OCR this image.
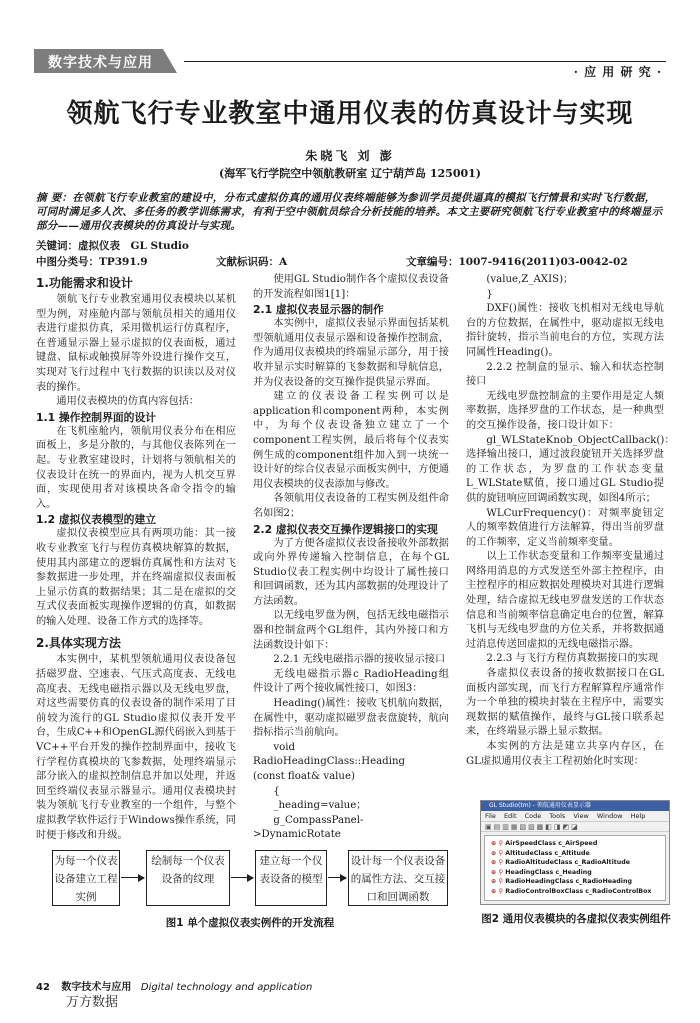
数字技术与应用
· 应 用 研 究 ·
领航飞行专业教室中通用仪表的仿真设计与实现
朱晓飞 刘 澎
(海军飞行学院空中领航教研室 辽宁葫芦岛 125001)
摘 要：在领航飞行专业教室的建设中，分布式虚拟仿真的通用仪表终端能够为参训学员提供逼真的模拟飞行情景和实时飞行数据，可同时满足多人次、多任务的教学训练需求，有利于空中领航员综合分析技能的培养。本文主要研究领航飞行专业教室中的终端显示部分——通用仪表模块的仿真设计与实现。
关键词：虚拟仪表　GL Studio
中图分类号：TP391.9	文献标识码：A	文章编号：1007-9416(2011)03-0042-02
1.功能需求和设计

领航飞行专业教室通用仪表模块以某机型为例，对座舱内部与领航员相关的通用仪表进行虚拟仿真，采用微机运行仿真程序，在普通显示器上显示虚拟的仪表面板，通过键盘、鼠标或触摸屏等外设进行操作交互，实现对飞行过程中飞行数据的识读以及对仪表的操作。

通用仪表模块的仿真内容包括：

1.1 操作控制界面的设计

在飞机座舱内，领航用仪表分布在相应面板上，多是分散的，与其他仪表陈列在一起。专业教室建设时，计划将与领航相关的仪表设计在统一的界面内，视为人机交互界面，实现使用者对该模块各命令指令的输入。

1.2 虚拟仪表模型的建立

虚拟仪表模型应具有两项功能：其一接收专业教室飞行与程仿真模块解算的数据，使用其内部建立的逻辑仿真属性和方法对飞参数据进一步处理，并在终端虚拟仪表面板上显示仿真的数据结果；其二是在虚拟的交互式仪表面板实现操作逻辑的仿真，如数据的输入处理、设备工作方式的选择等。

2.具体实现方法

本实例中，某机型领航通用仪表设备包括磁罗盘、空速表、气压式高度表、无线电高度表、无线电磁指示器以及无线电罗盘，对这些需要仿真的仪表设备的制作采用了目前较为流行的GL Studio虚拟仪表开发平台，生成C++和OpenGL源代码嵌入到基于VC++平台开发的操作控制界面中，接收飞行学程仿真模块的飞参数据，处理终端显示部分嵌入的虚拟控制信息并加以处理，并返回至终端仪表显示器显示。通用仪表模块封装为领航飞行专业教室的一个组件，与整个虚拟教学软件运行于Windows操作系统，同时便于修改和升级。

使用GL Studio制作各个虚拟仪表设备的开发流程如图1[1]：

2.1 虚拟仪表显示器的制作

本实例中，虚拟仪表显示界面包括某机型领航通用仪表显示器和设备操作控制盒，作为通用仪表模块的终端显示部分，用于接收并显示实时解算的飞参数据和导航信息，并为仪表设备的交互操作提供显示界面。

建立的仪表设备工程实例可以是application和component两种，本实例中，为每个仪表设备独立建立了一个component工程实例，最后将每个仪表实例生成的component组件加入到一块统一设计好的综合仪表显示面板实例中，方便通用仪表模块的仪表添加与修改。

各领航用仪表设备的工程实例及组件命名如图2；

2.2 虚拟仪表交互操作逻辑接口的实现

为了方便各虚拟仪表设备接收外部数据或向外界传递输入控制信息，在每个GL Studio仪表工程实例中均设计了属性接口和回调函数，还为其内部数据的处理设计了方法函数。

以无线电罗盘为例，包括无线电磁指示器和控制盒两个GL组件，其内外接口和方法函数设计如下：

2.2.1 无线电磁指示器的接收显示接口

无线电磁指示器c_RadioHeading组件设计了两个接收属性接口，如图3：

Heading()属性：接收飞机航向数据，在属性中，驱动虚拟磁罗盘表盘旋转，航向指标指示当前航向。

void RadioHeadingClass::Heading

(const float& value)

{

_heading=value；

g_CompassPanel->DynamicRotate

(value,Z_AXIS)；

}

DXF()属性：接收飞机相对无线电导航台的方位数据，在属性中，驱动虚拟无线电指针旋转，指示当前电台的方位，实现方法同属性Heading()。

2.2.2 控制盒的显示、输入和状态控制接口

无线电罗盘控制盒的主要作用是定人频率数据，选择罗盘的工作状态，是一种典型的交互操作设备，接口设计如下：

gl_WLStateKnob_ObjectCallback()：选择输出接口，通过波段旋钮开关选择罗盘的工作状态，为罗盘的工作状态变量L_WLState赋值，接口通过GL Studio提供的旋钮响应回调函数实现，如图4所示；

WLCurFrequency()：对频率旋钮定人的频率数值进行方法解算，得出当前罗盘的工作频率，定义当前频率变量。

以上工作状态变量和工作频率变量通过网络用消息的方式发送至外部主控程序，由主控程序的相应数据处理模块对其进行逻辑处理，结合虚拟无线电罗盘发送的工作状态信息和当前频率信息确定电台的位置，解算飞机与无线电罗盘的方位关系，并将数据通过消息传送回虚拟的无线电磁指示器。

2.2.3 与飞行方程仿真数据接口的实现

各虚拟仪表设备的接收数据接口在GL面板内部实现，而飞行方程解算程序通常作为一个单独的模块封装在主程序中，需要实现数据的赋值操作，最终与GL接口联系起来，在终端显示器上显示数据。

本实例的方法是建立共享内存区，在GL虚拟通用仪表主工程初始化时实现：

为每一个仪表设备建立工程实例
绘制每一个仪表设备的纹理
建立每一个仪表设备的模型
设计每一个仪表设备的属性方法、交互接口和回调函数
图1 单个虚拟仪表实例件的开发流程
GL Studio(tm) - 领航通用仪表显示器
File Edit Code Tools View Window Help
▣▤▥▦▧▨▩◧◨◩◪
⊕ ⚲ AirSpeedClass c_AirSpeed
⊕ ⚲ AltitudeClass c_Altitude
⊕ ⚲ RadioAltitudeClass c_RadioAltitude
⊕ ⚲ HeadingClass c_Heading
⊕ ⚲ RadioHeadingClass c_RadioHeading
⊕ ⚲ RadioControlBoxClass c_RadioControlBox
图2 通用仪表模块的各虚拟仪表实例组件
42 数字技术与应用 Digital technology and application
万方数据
